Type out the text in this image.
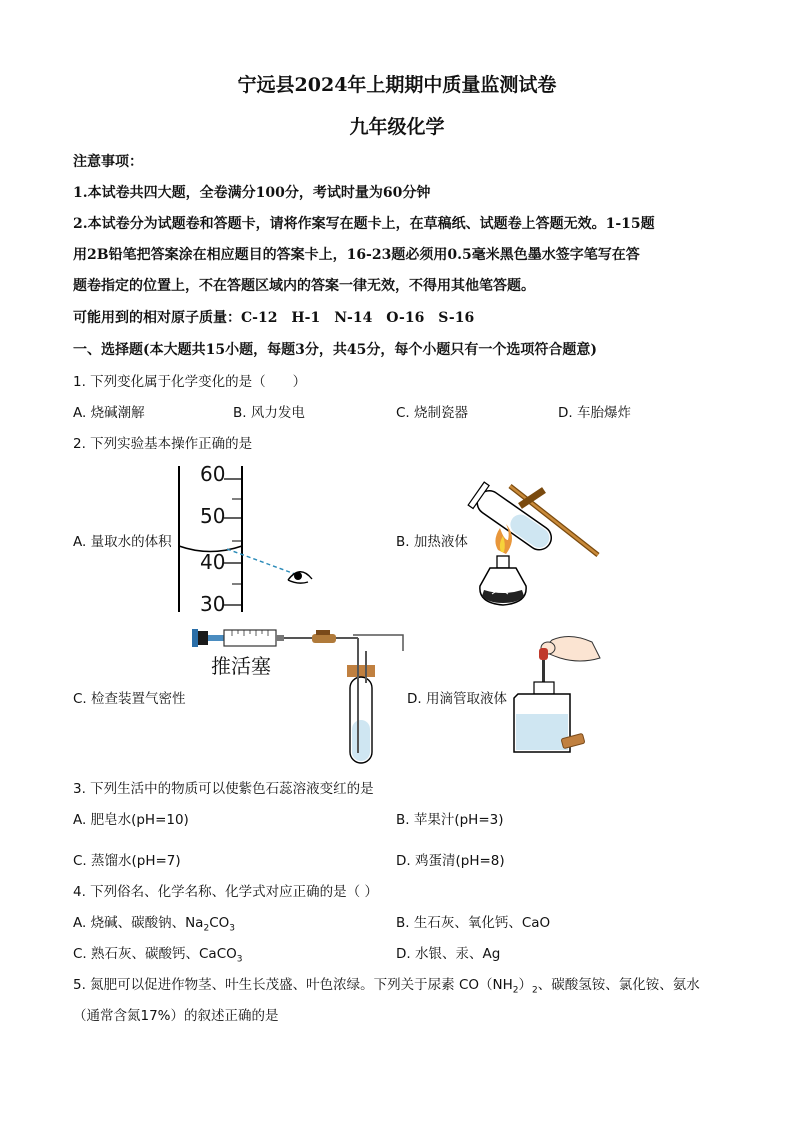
宁远县2024年上期期中质量监测试卷
九年级化学
注意事项：
1.本试卷共四大题，全卷满分100分，考试时量为60分钟
2.本试卷分为试题卷和答题卡，请将作案写在题卡上，在草稿纸、试题卷上答题无效。1-15题
用2B铅笔把答案涂在相应题目的答案卡上，16-23题必须用0.5毫米黑色墨水签字笔写在答
题卷指定的位置上，不在答题区域内的答案一律无效，不得用其他笔答题。
可能用到的相对原子质量：C-12　H-1　N-14　O-16　S-16
一、选择题(本大题共15小题，每题3分，共45分，每个小题只有一个选项符合题意)
1. 下列变化属于化学变化的是（　　）
A. 烧碱潮解	B. 风力发电	C. 烧制瓷器	D. 车胎爆炸
2. 下列实验基本操作正确的是
60
50
40
30
A. 量取水的体积	B. 加热液体
推活塞
C. 检查装置气密性	D. 用滴管取液体
3. 下列生活中的物质可以使紫色石蕊溶液变红的是
A. 肥皂水(pH=10)	B. 苹果汁(pH=3)
C. 蒸馏水(pH=7)	D. 鸡蛋清(pH=8)
4. 下列俗名、化学名称、化学式对应正确的是（ ）
A. 烧碱、碳酸钠、$Na_2CO_3$	B. 生石灰、氧化钙、CaO
C. 熟石灰、碳酸钙、CaCO$_3$	D. 水银、汞、Ag
5. 氮肥可以促进作物茎、叶生长茂盛、叶色浓绿。下列关于尿素 $CO(NH_2)_2$、碳酸氢铵、氯化铵、氨水
（通常含氮17%）的叙述正确的是
